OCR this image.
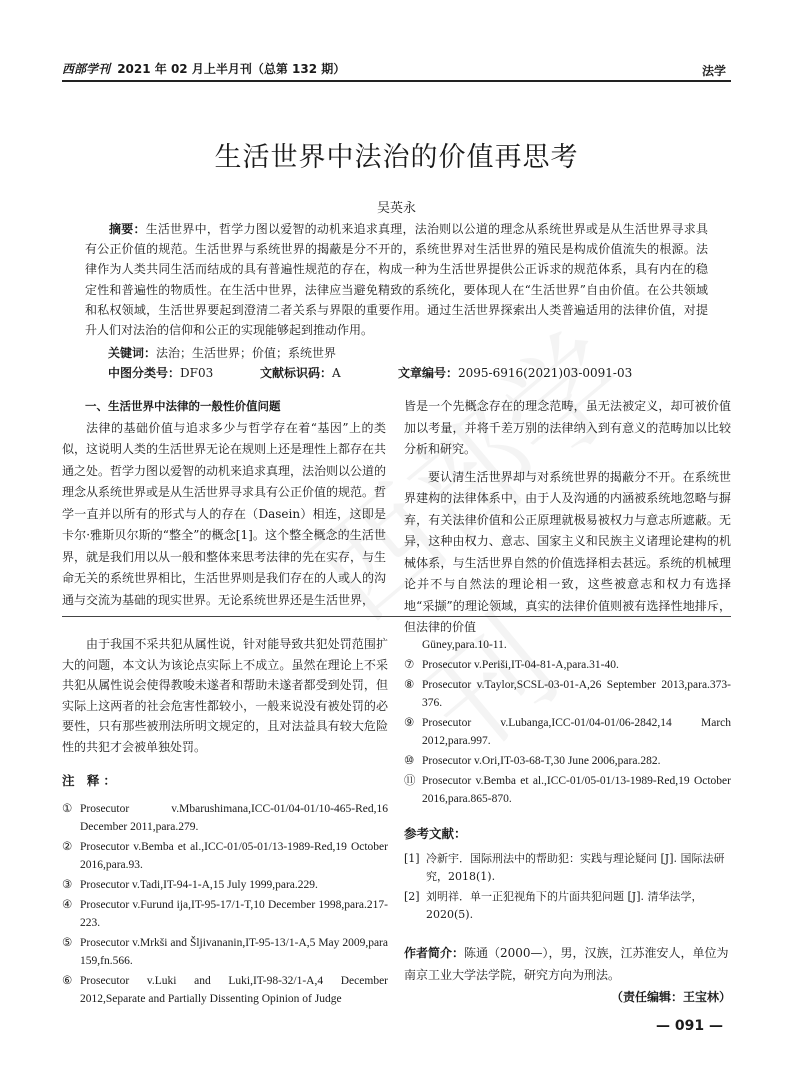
西部学刊 2021 年 02 月上半月刊（总第 132 期）	法学
生活世界中法治的价值再思考
吴英永
摘要：生活世界中，哲学力图以爱智的动机来追求真理，法治则以公道的理念从系统世界或是从生活世界寻求具有公正价值的规范。生活世界与系统世界的揭蔽是分不开的，系统世界对生活世界的殖民是构成价值流失的根源。法律作为人类共同生活而结成的具有普遍性规范的存在，构成一种为生活世界提供公正诉求的规范体系，具有内在的稳定性和普遍性的物质性。在生活中世界，法律应当避免精致的系统化，要体现人在“生活世界”自由价值。在公共领域和私权领域，生活世界要起到澄清二者关系与界限的重要作用。通过生活世界探索出人类普遍适用的法律价值，对提升人们对法治的信仰和公正的实现能够起到推动作用。
关键词：法治；生活世界；价值；系统世界
中图分类号：DF03	文献标识码：A	文章编号：2095-6916(2021)03-0091-03

一、生活世界中法律的一般性价值问题

法律的基础价值与追求多少与哲学存在着“基因”上的类似，这说明人类的生活世界无论在规则上还是理性上都存在共通之处。哲学力图以爱智的动机来追求真理，法治则以公道的理念从系统世界或是从生活世界寻求具有公正价值的规范。哲学一直并以所有的形式与人的存在（Dasein）相连，这即是卡尔·雅斯贝尔斯的“整全”的概念[1]。这个整全概念的生活世界，就是我们用以从一般和整体来思考法律的先在实存，与生命无关的系统世界相比，生活世界则是我们存在的人或人的沟通与交流为基础的现实世界。无论系统世界还是生活世界，

皆是一个先概念存在的理念范畴，虽无法被定义，却可被价值加以考量，并将千差万别的法律纳入到有意义的范畴加以比较分析和研究。

要认清生活世界却与对系统世界的揭蔽分不开。在系统世界建构的法律体系中，由于人及沟通的内涵被系统地忽略与摒弃，有关法律价值和公正原理就极易被权力与意志所遮蔽。无异，这种由权力、意志、国家主义和民族主义诸理论建构的机械体系，与生活世界自然的价值选择相去甚远。系统的机械理论并不与自然法的理论相一致，这些被意志和权力有选择地“采撷”的理论领域，真实的法律价值则被有选择性地排斥，但法律的价值

由于我国不采共犯从属性说，针对能导致共犯处罚范围扩大的问题，本文认为该论点实际上不成立。虽然在理论上不采共犯从属性说会使得教唆未遂者和帮助未遂者都受到处罚，但实际上这两者的社会危害性都较小，一般来说没有被处罚的必要性，只有那些被刑法所明文规定的，且对法益具有较大危险性的共犯才会被单独处罚。

注 释：
① Prosecutor v.Mbarushimana,ICC-01/04-01/10-465-Red,16 December 2011,para.279.
② Prosecutor v.Bemba et al.,ICC-01/05-01/13-1989-Red,19 October 2016,para.93.
③ Prosecutor v.Tadi,IT-94-1-A,15 July 1999,para.229.
④ Prosecutor v.Furund ija,IT-95-17/1-T,10 December 1998,para.217-223.
⑤ Prosecutor v.Mrkši and Šljivananin,IT-95-13/1-A,5 May 2009,para 159,fn.566.
⑥ Prosecutor v.Luki and Luki,IT-98-32/1-A,4 December 2012,Separate and Partially Dissenting Opinion of Judge
Güney,para.10-11.
⑦ Prosecutor v.Periši,IT-04-81-A,para.31-40.
⑧ Prosecutor v.Taylor,SCSL-03-01-A,26 September 2013,para.373-376.
⑨ Prosecutor v.Lubanga,ICC-01/04-01/06-2842,14 March 2012,para.997.
⑩ Prosecutor v.Ori,IT-03-68-T,30 June 2006,para.282.
⑪ Prosecutor v.Bemba et al.,ICC-01/05-01/13-1989-Red,19 October 2016,para.865-870.
参考文献：
[1] 冷新宇．国际刑法中的帮助犯：实践与理论疑问 [J]. 国际法研究，2018(1).
[2] 刘明祥．单一正犯视角下的片面共犯问题 [J]. 清华法学，2020(5).
作者简介：陈通（2000—），男，汉族，江苏淮安人，单位为南京工业大学法学院，研究方向为刑法。
（责任编辑：王宝林）
— 091 —
